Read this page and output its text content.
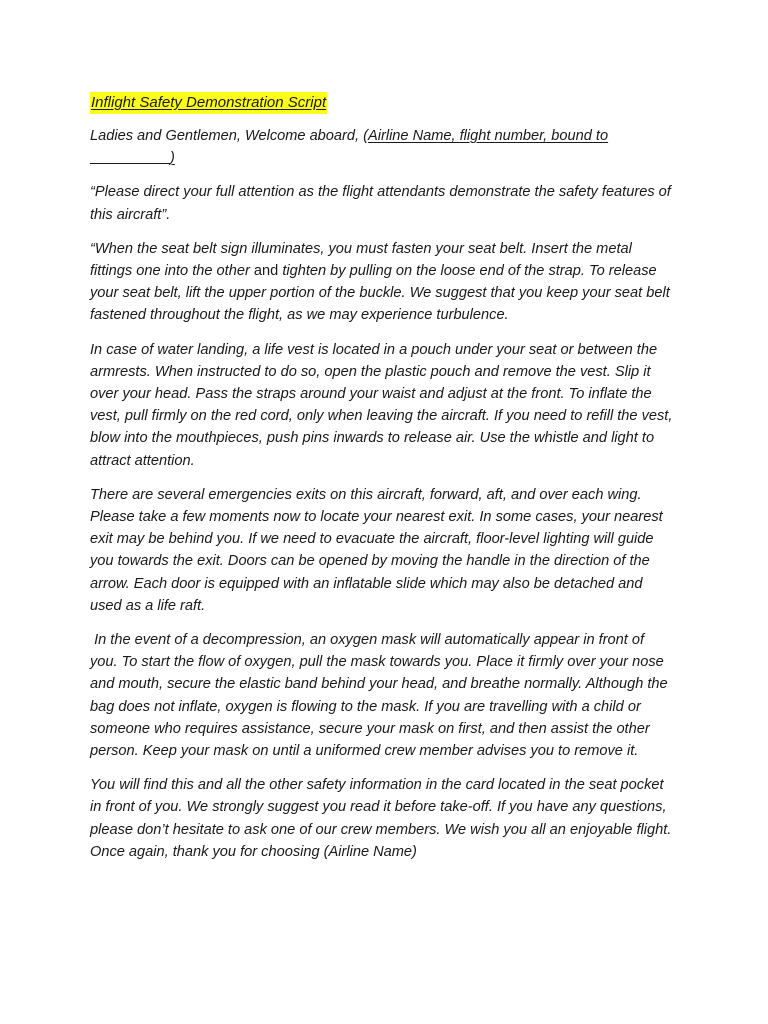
Inflight Safety Demonstration Script

Ladies and Gentlemen, Welcome aboard, (Airline Name, flight number, bound to)

“Please direct your full attention as the flight attendants demonstrate the safety features of this aircraft”.

“When the seat belt sign illuminates, you must fasten your seat belt. Insert the metal fittings one into the other and tighten by pulling on the loose end of the strap. To release your seat belt, lift the upper portion of the buckle. We suggest that you keep your seat belt fastened throughout the flight, as we may experience turbulence.

In case of water landing, a life vest is located in a pouch under your seat or between the armrests. When instructed to do so, open the plastic pouch and remove the vest. Slip it over your head. Pass the straps around your waist and adjust at the front. To inflate the vest, pull firmly on the red cord, only when leaving the aircraft. If you need to refill the vest, blow into the mouthpieces, push pins inwards to release air. Use the whistle and light to attract attention.

There are several emergencies exits on this aircraft, forward, aft, and over each wing. Please take a few moments now to locate your nearest exit. In some cases, your nearest exit may be behind you. If we need to evacuate the aircraft, floor-level lighting will guide you towards the exit. Doors can be opened by moving the handle in the direction of the arrow. Each door is equipped with an inflatable slide which may also be detached and used as a life raft.

In the event of a decompression, an oxygen mask will automatically appear in front of you. To start the flow of oxygen, pull the mask towards you. Place it firmly over your nose and mouth, secure the elastic band behind your head, and breathe normally. Although the bag does not inflate, oxygen is flowing to the mask. If you are travelling with a child or someone who requires assistance, secure your mask on first, and then assist the other person. Keep your mask on until a uniformed crew member advises you to remove it.

You will find this and all the other safety information in the card located in the seat pocket in front of you. We strongly suggest you read it before take-off. If you have any questions, please don’t hesitate to ask one of our crew members. We wish you all an enjoyable flight. Once again, thank you for choosing (Airline Name)
